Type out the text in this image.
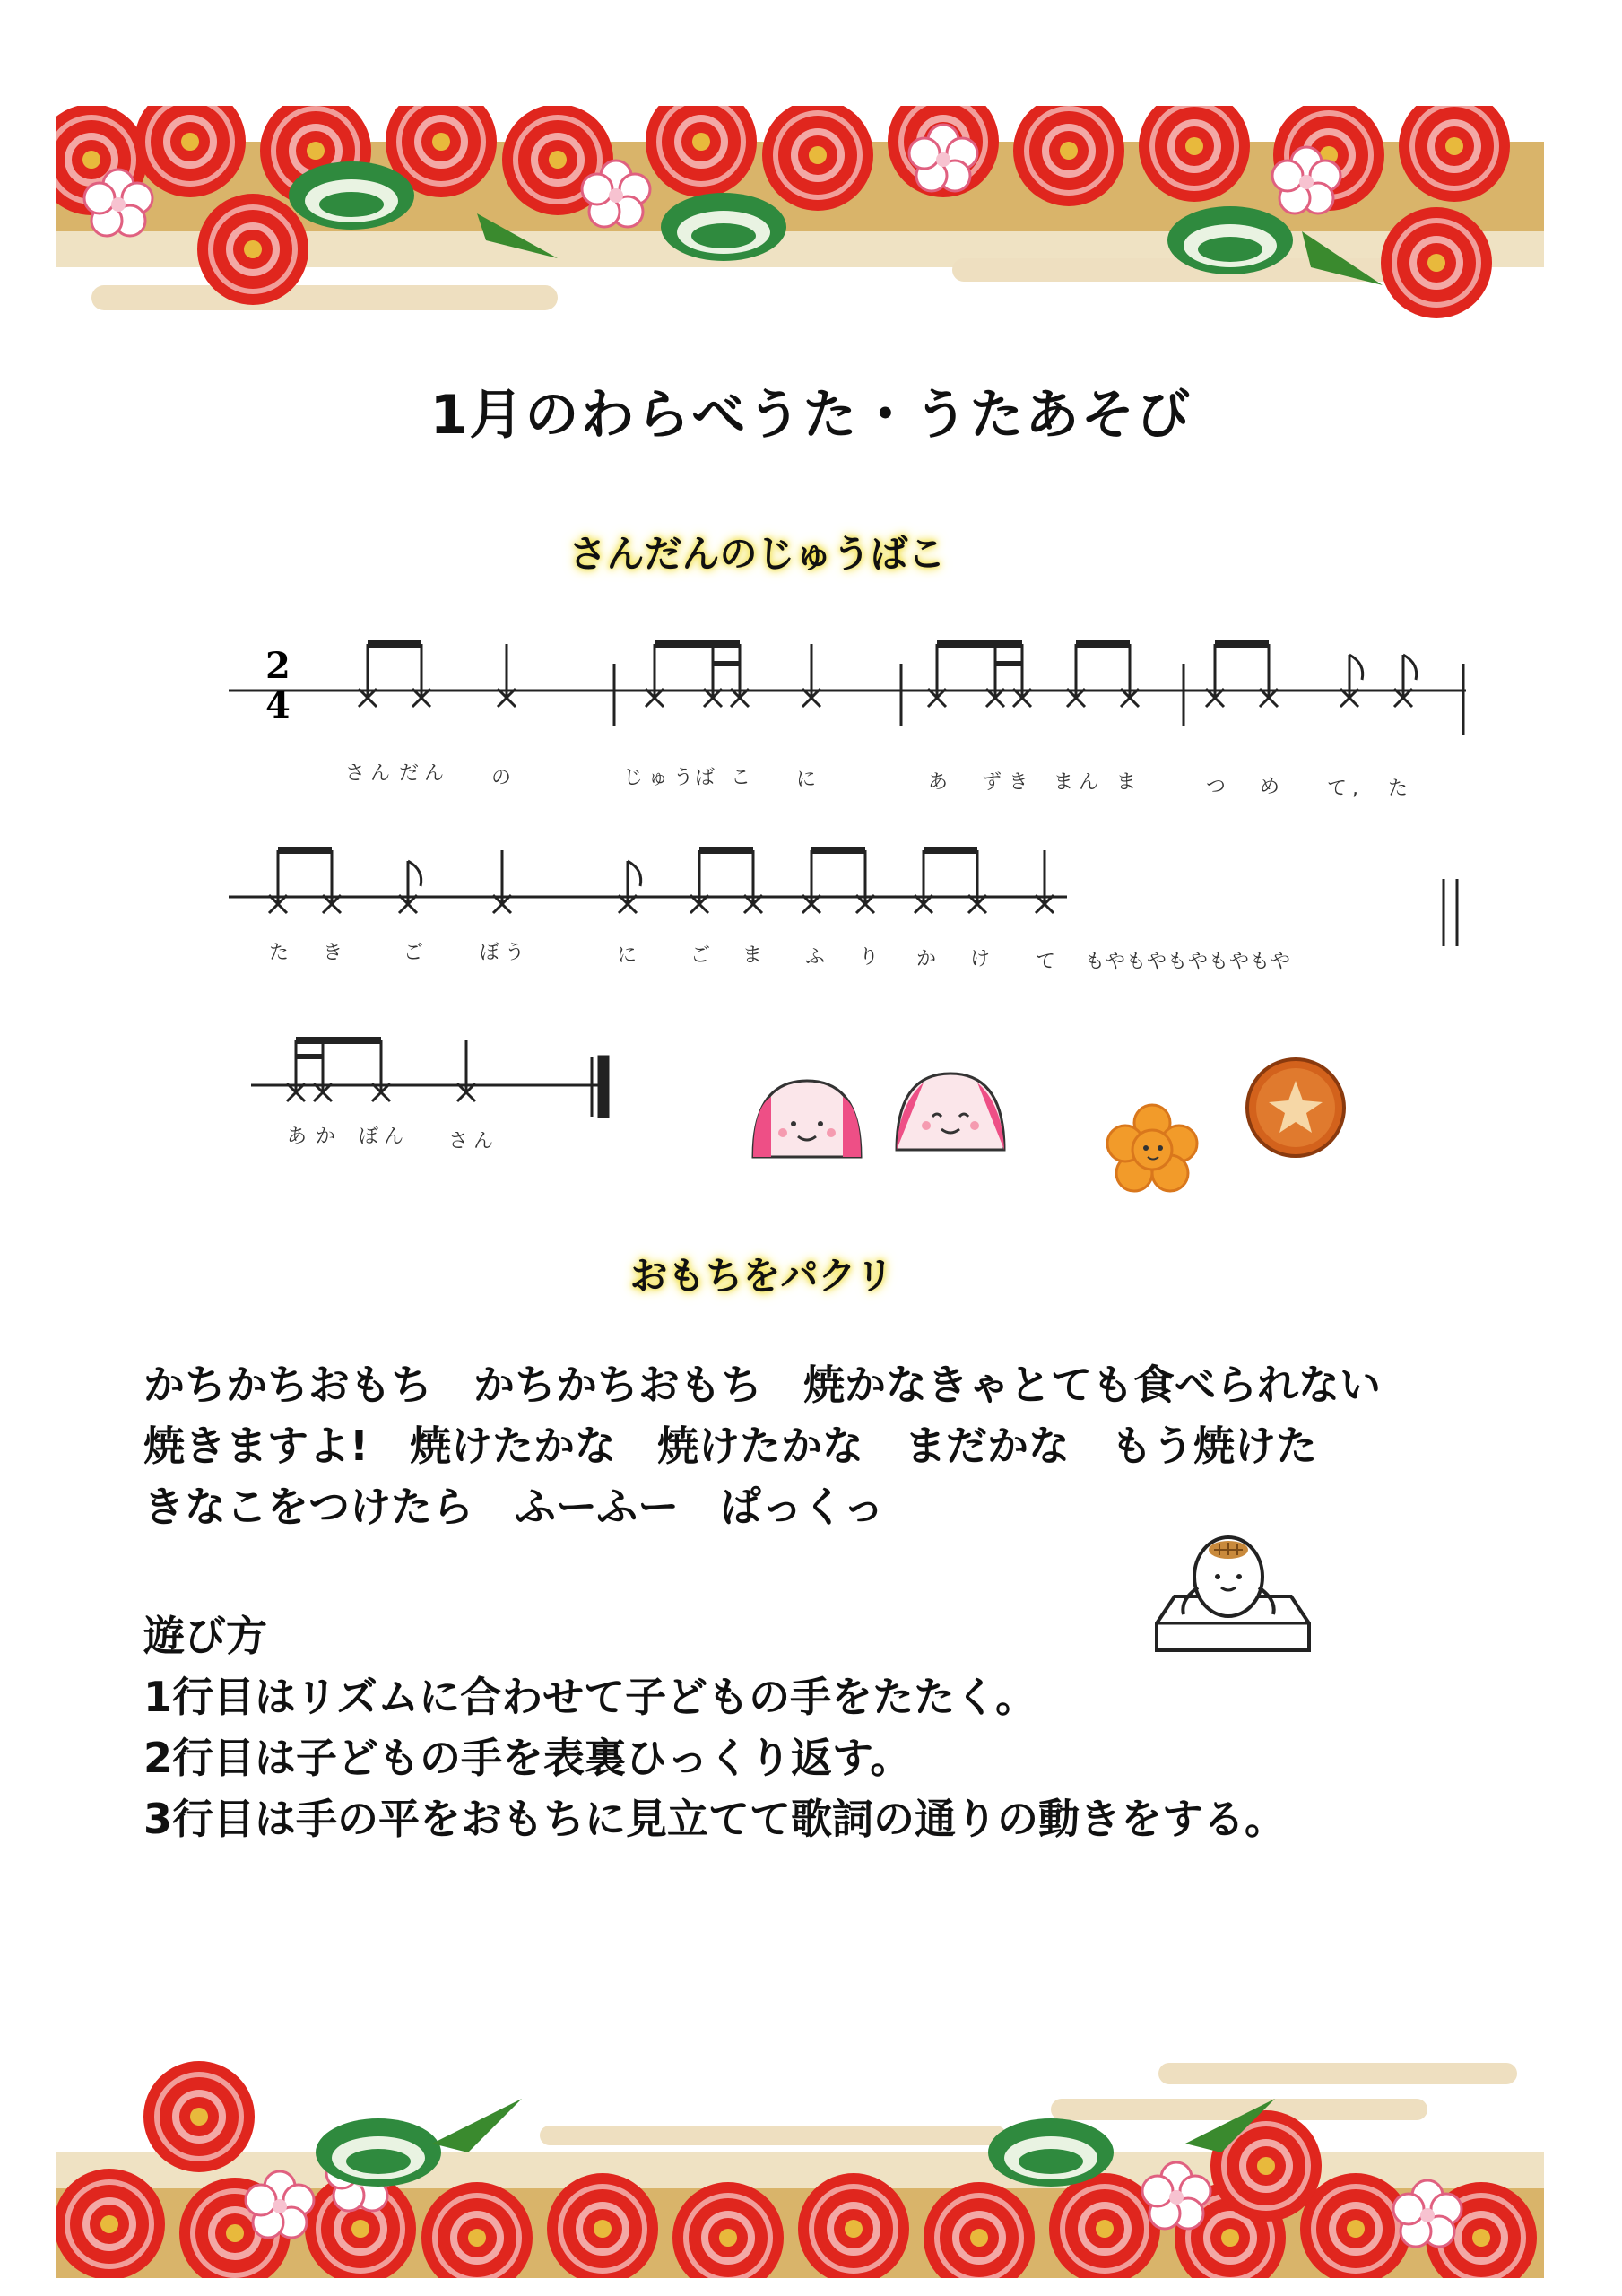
1月のわらべうた・うたあそび
さんだんのじゅうばこ
2
4
さん だん の	じゅう
ば こ に	あ ず き まん ま	つ め て, た
た き	ご	ぼう	に ご ま ふ り か け て もやもやもやもやもや
あ か ぼん さん
おもちをパクリ
かちかちおもち　かちかちおもち　焼かなきゃとても食べられない
焼きますよ!　焼けたかな　焼けたかな　まだかな　もう焼けた
きなこをつけたら　ふーふー　ぱっくっ
遊び方
1行目はリズムに合わせて子どもの手をたたく。
2行目は子どもの手を表裏ひっくり返す。
3行目は手の平をおもちに見立てて歌詞の通りの動きをする。
